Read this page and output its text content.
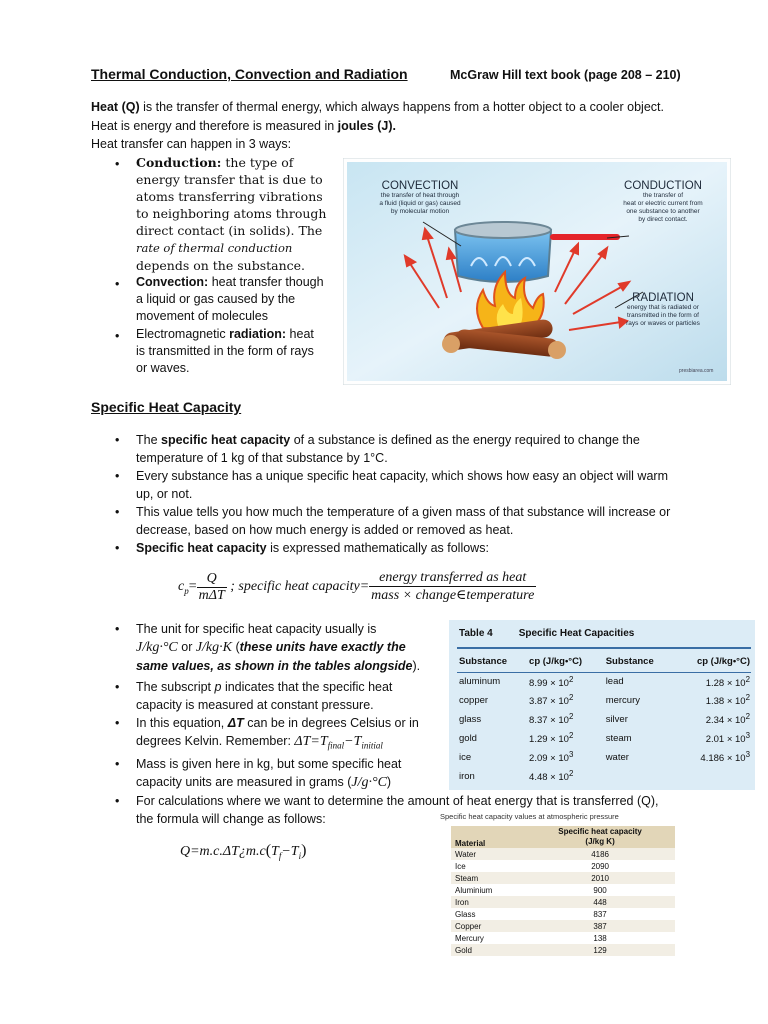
Thermal Conduction, Convection and Radiation	McGraw Hill text book (page 208 – 210)
Heat (Q) is the transfer of thermal energy, which always happens from a hotter object to a cooler object.
Heat is energy and therefore is measured in joules (J).
Heat transfer can happen in 3 ways:
• Conduction: the type of
energy transfer that is due to
atoms transferring vibrations
to neighboring atoms through
direct contact (in solids). The
rate of thermal conduction
depends on the substance.
• Convection: heat transfer though
a liquid or gas caused by the
movement of molecules
• Electromagnetic radiation: heat
is transmitted in the form of rays
or waves.
CONVECTION
the transfer of heat through
a fluid (liquid or gas) caused
by molecular motion
CONDUCTION
the transfer of
heat or electric current from
one substance to another
by direct contact.
RADIATION
energy that is radiated or
transmitted in the form of
rays or waves or particles
presbiarea.com
Specific Heat Capacity
• The specific heat capacity of a substance is defined as the energy required to change the
temperature of 1 kg of that substance by 1°C.
• Every substance has a unique specific heat capacity, which shows how easy an object will warm
up, or not.
• This value tells you how much the temperature of a given mass of that substance will increase or
decrease, based on how much energy is added or removed as heat.
• Specific heat capacity is expressed mathematically as follows:
$c_p= \frac{Q}{\text{mΔT}}$ ; specific heat capacity= $\frac{\text{energy transferred as heat}}{\text{mass × change∈temperature}}$
• The unit for specific heat capacity usually is
J/kg·°C or J/kg·K (these units have exactly the
same values, as shown in the tables alongside).
• The subscript p indicates that the specific heat
capacity is measured at constant pressure.
• In this equation, ΔT can be in degrees Celsius or in
degrees Kelvin. Remember: $\Delta T=T_{final}-T_{initial}$
• Mass is given here in kg, but some specific heat
capacity units are measured in grams (J/g·°C)
• For calculations where we want to determine the amount of heat energy that is transferred (Q),
the formula will change as follows:
$Q=m.c.\Delta T¿m.c(T_f-T_i)$
Table 4	Specific Heat Capacities
Substance	cp (J/kg•°C)	Substance	cp (J/kg•°C)
aluminum	$8.99 \times 10^2$	lead	$1.28 \times 10^2$
copper	$3.87 \times 10^2$	mercury	$1.38 \times 10^2$
glass	$8.37 \times 10^2$	silver	$2.34 \times 10^2$
gold	$1.29 \times 10^2$	steam	$2.01 \times 10^3$
ice	$2.09 \times 10^3$	water	$4.186 \times 10^3$
iron	$4.48 \times 10^2$		
Specific heat capacity values at atmospheric pressure
Material	Specific heat capacity
(J/kg K)
Water	4186
Ice	2090
Steam	2010
Aluminium	900
Iron	448
Glass	837
Copper	387
Mercury	138
Gold	129
